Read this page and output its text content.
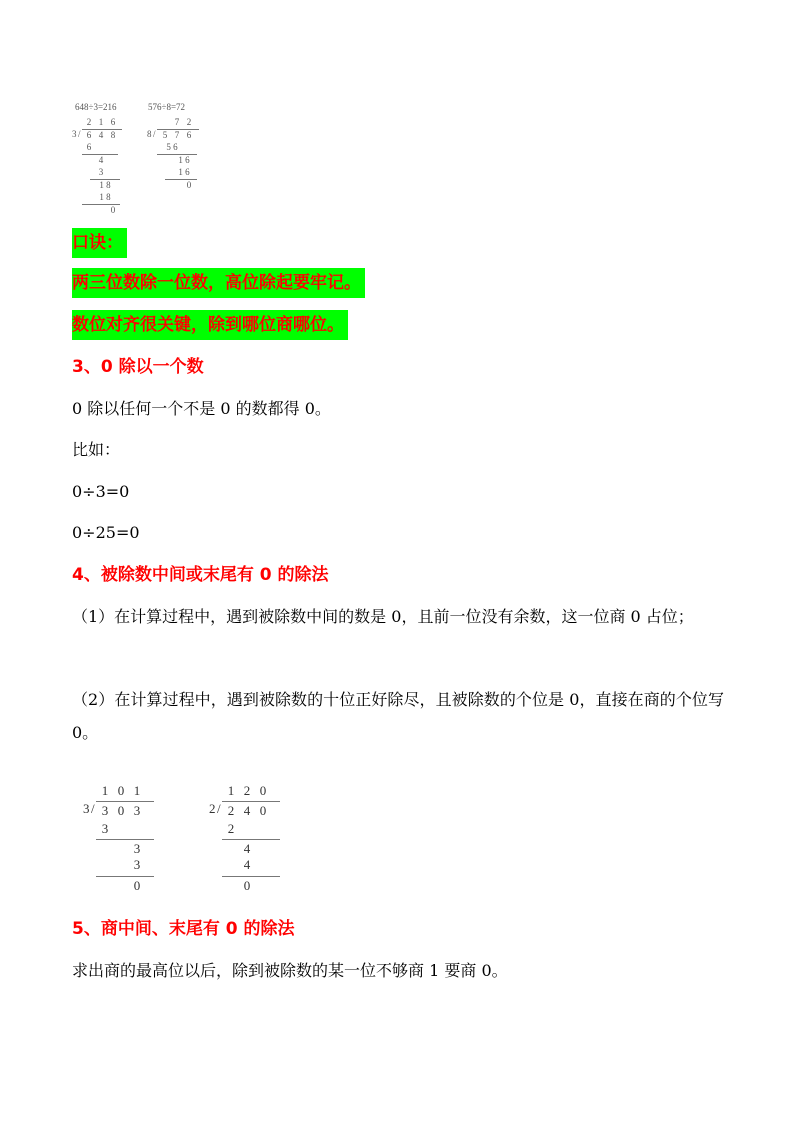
648÷3=216
2 1 6
3 / 6 4 8
6
4
3
1 8
1 8
0
576÷8=72
7 2
8 / 5 7 6
5 6
1 6
1 6
0
口诀：
两三位数除一位数，高位除起要牢记。
数位对齐很关键，除到哪位商哪位。
3、0 除以一个数
0 除以任何一个不是 0 的数都得 0。
比如：
0÷3=0
0÷25=0
4、被除数中间或末尾有 0 的除法
（1）在计算过程中，遇到被除数中间的数是 0，且前一位没有余数，这一位商 0 占位；
（2）在计算过程中，遇到被除数的十位正好除尽，且被除数的个位是 0，直接在商的个位写 0。
1 0 1
3 / 3 0 3
3
3
3
0
1 2 0
2 / 2 4 0
2
4
4
0
5、商中间、末尾有 0 的除法
求出商的最高位以后，除到被除数的某一位不够商 1 要商 0。
